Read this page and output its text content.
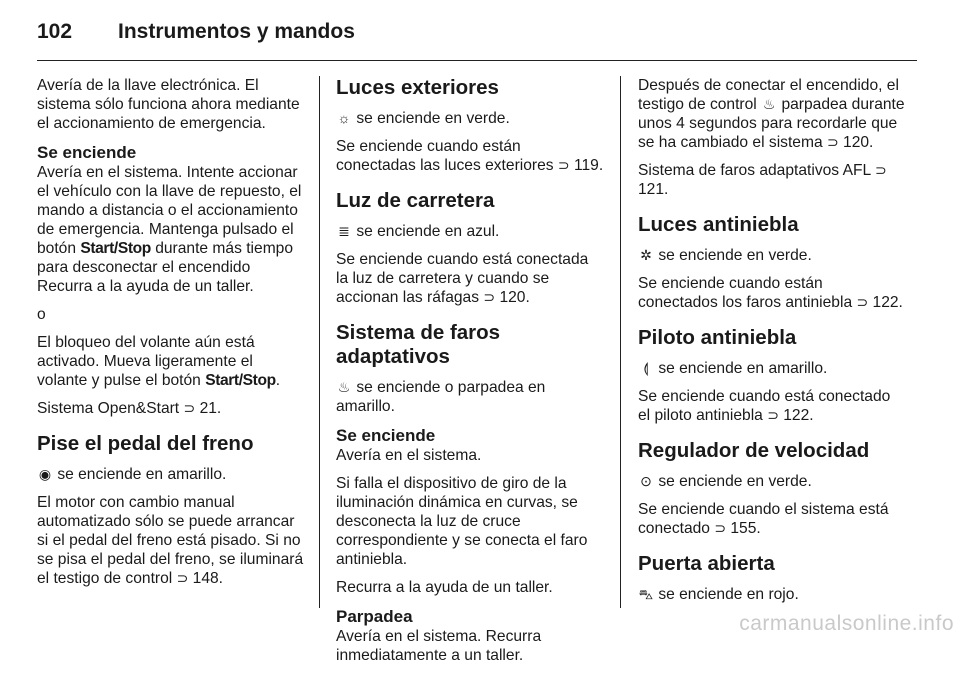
102 Instrumentos y mandos

Avería de la llave electrónica. El sistema sólo funciona ahora mediante el accionamiento de emergencia.

Se enciende

Avería en el sistema. Intente accionar el vehículo con la llave de repuesto, el mando a distancia o el accionamiento de emergencia. Mantenga pulsado el botón Start/Stop durante más tiempo para desconectar el encendido Recurra a la ayuda de un taller.

o

El bloqueo del volante aún está activado. Mueva ligeramente el volante y pulse el botón Start/Stop.

Sistema Open&Start ⊃ 21.

Pise el pedal del freno

◉ se enciende en amarillo.

El motor con cambio manual automatizado sólo se puede arrancar si el pedal del freno está pisado. Si no se pisa el pedal del freno, se iluminará el testigo de control ⊃ 148.

Luces exteriores

☼ se enciende en verde.

Se enciende cuando están conectadas las luces exteriores ⊃ 119.

Luz de carretera

≣ se enciende en azul.

Se enciende cuando está conectada la luz de carretera y cuando se accionan las ráfagas ⊃ 120.

Sistema de faros adaptativos

♨ se enciende o parpadea en amarillo.

Se enciende

Avería en el sistema.

Si falla el dispositivo de giro de la iluminación dinámica en curvas, se desconecta la luz de cruce correspondiente y se conecta el faro antiniebla.

Recurra a la ayuda de un taller.

Parpadea

Avería en el sistema. Recurra inmediatamente a un taller.

Después de conectar el encendido, el testigo de control ♨ parpadea durante unos 4 segundos para recordarle que se ha cambiado el sistema ⊃ 120.

Sistema de faros adaptativos AFL ⊃ 121.

Luces antiniebla

✲ se enciende en verde.

Se enciende cuando están conectados los faros antiniebla ⊃ 122.

Piloto antiniebla

⟬ se enciende en amarillo.

Se enciende cuando está conectado el piloto antiniebla ⊃ 122.

Regulador de velocidad

⊙ se enciende en verde.

Se enciende cuando el sistema está conectado ⊃ 155.

Puerta abierta

⛍ se enciende en rojo.

carmanualsonline.info
